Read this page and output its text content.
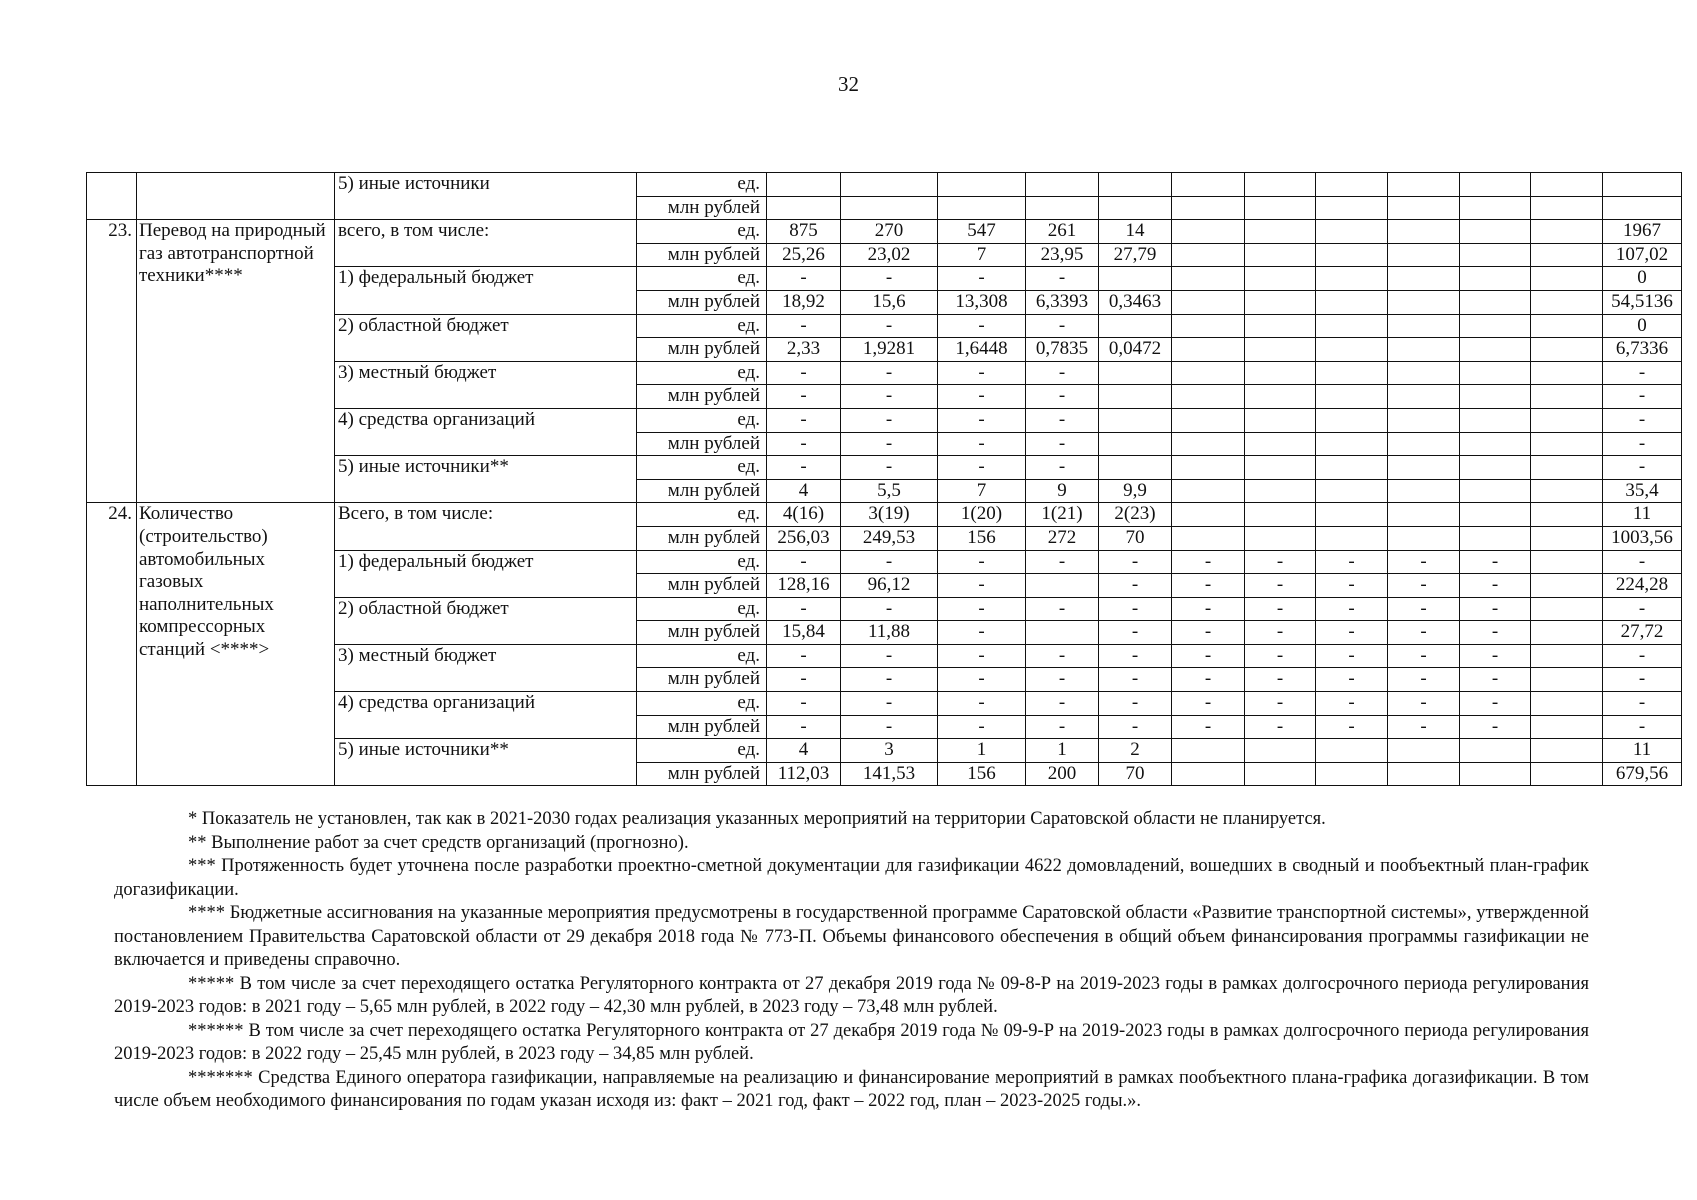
32
		5) иные источники	ед.												
			млн рублей												
23.	Перевод на природный газ автотранспортной техники****	всего, в том числе:	ед.	875	270	547	261	14							1967
			млн рублей	25,26	23,02	7	23,95	27,79							107,02
		1) федеральный бюджет	ед.	-	-	-	-								0
			млн рублей	18,92	15,6	13,308	6,3393	0,3463							54,5136
		2) областной бюджет	ед.	-	-	-	-								0
			млн рублей	2,33	1,9281	1,6448	0,7835	0,0472							6,7336
		3) местный бюджет	ед.	-	-	-	-								-
			млн рублей	-	-	-	-								-
		4) средства организаций	ед.	-	-	-	-								-
			млн рублей	-	-	-	-								-
		5) иные источники**	ед.	-	-	-	-								-
			млн рублей	4	5,5	7	9	9,9							35,4
24.	Количество (строительство) автомобильных газовых наполнительных компрессорных станций <****>	Всего, в том числе:	ед.	4(16)	3(19)	1(20)	1(21)	2(23)							11
			млн рублей	256,03	249,53	156	272	70							1003,56
		1) федеральный бюджет	ед.	-	-	-	-	-	-	-	-	-	-		-
			млн рублей	128,16	96,12	-		-	-	-	-	-	-		224,28
		2) областной бюджет	ед.	-	-	-	-	-	-	-	-	-	-		-
			млн рублей	15,84	11,88	-		-	-	-	-	-	-		27,72
		3) местный бюджет	ед.	-	-	-	-	-	-	-	-	-	-		-
			млн рублей	-	-	-	-	-	-	-	-	-	-		-
		4) средства организаций	ед.	-	-	-	-	-	-	-	-	-	-		-
			млн рублей	-	-	-	-	-	-	-	-	-	-		-
		5) иные источники**	ед.	4	3	1	1	2							11
			млн рублей	112,03	141,53	156	200	70							679,56

* Показатель не установлен, так как в 2021-2030 годах реализация указанных мероприятий на территории Саратовской области не планируется.

** Выполнение работ за счет средств организаций (прогнозно).

*** Протяженность будет уточнена после разработки проектно-сметной документации для газификации 4622 домовладений, вошедших в сводный и пообъектный план-график догазификации.

**** Бюджетные ассигнования на указанные мероприятия предусмотрены в государственной программе Саратовской области «Развитие транспортной системы», утвержденной постановлением Правительства Саратовской области от 29 декабря 2018 года № 773-П. Объемы финансового обеспечения в общий объем финансирования программы газификации не включается и приведены справочно.

***** В том числе за счет переходящего остатка Регуляторного контракта от 27 декабря 2019 года № 09-8-Р на 2019-2023 годы в рамках долгосрочного периода регулирования 2019-2023 годов: в 2021 году – 5,65 млн рублей, в 2022 году – 42,30 млн рублей, в 2023 году – 73,48 млн рублей.

****** В том числе за счет переходящего остатка Регуляторного контракта от 27 декабря 2019 года № 09-9-Р на 2019-2023 годы в рамках долгосрочного периода регулирования 2019-2023 годов: в 2022 году – 25,45 млн рублей, в 2023 году – 34,85 млн рублей.

******* Средства Единого оператора газификации, направляемые на реализацию и финансирование мероприятий в рамках пообъектного плана-графика догазификации. В том числе объем необходимого финансирования по годам указан исходя из: факт – 2021 год, факт – 2022 год, план – 2023-2025 годы.».
